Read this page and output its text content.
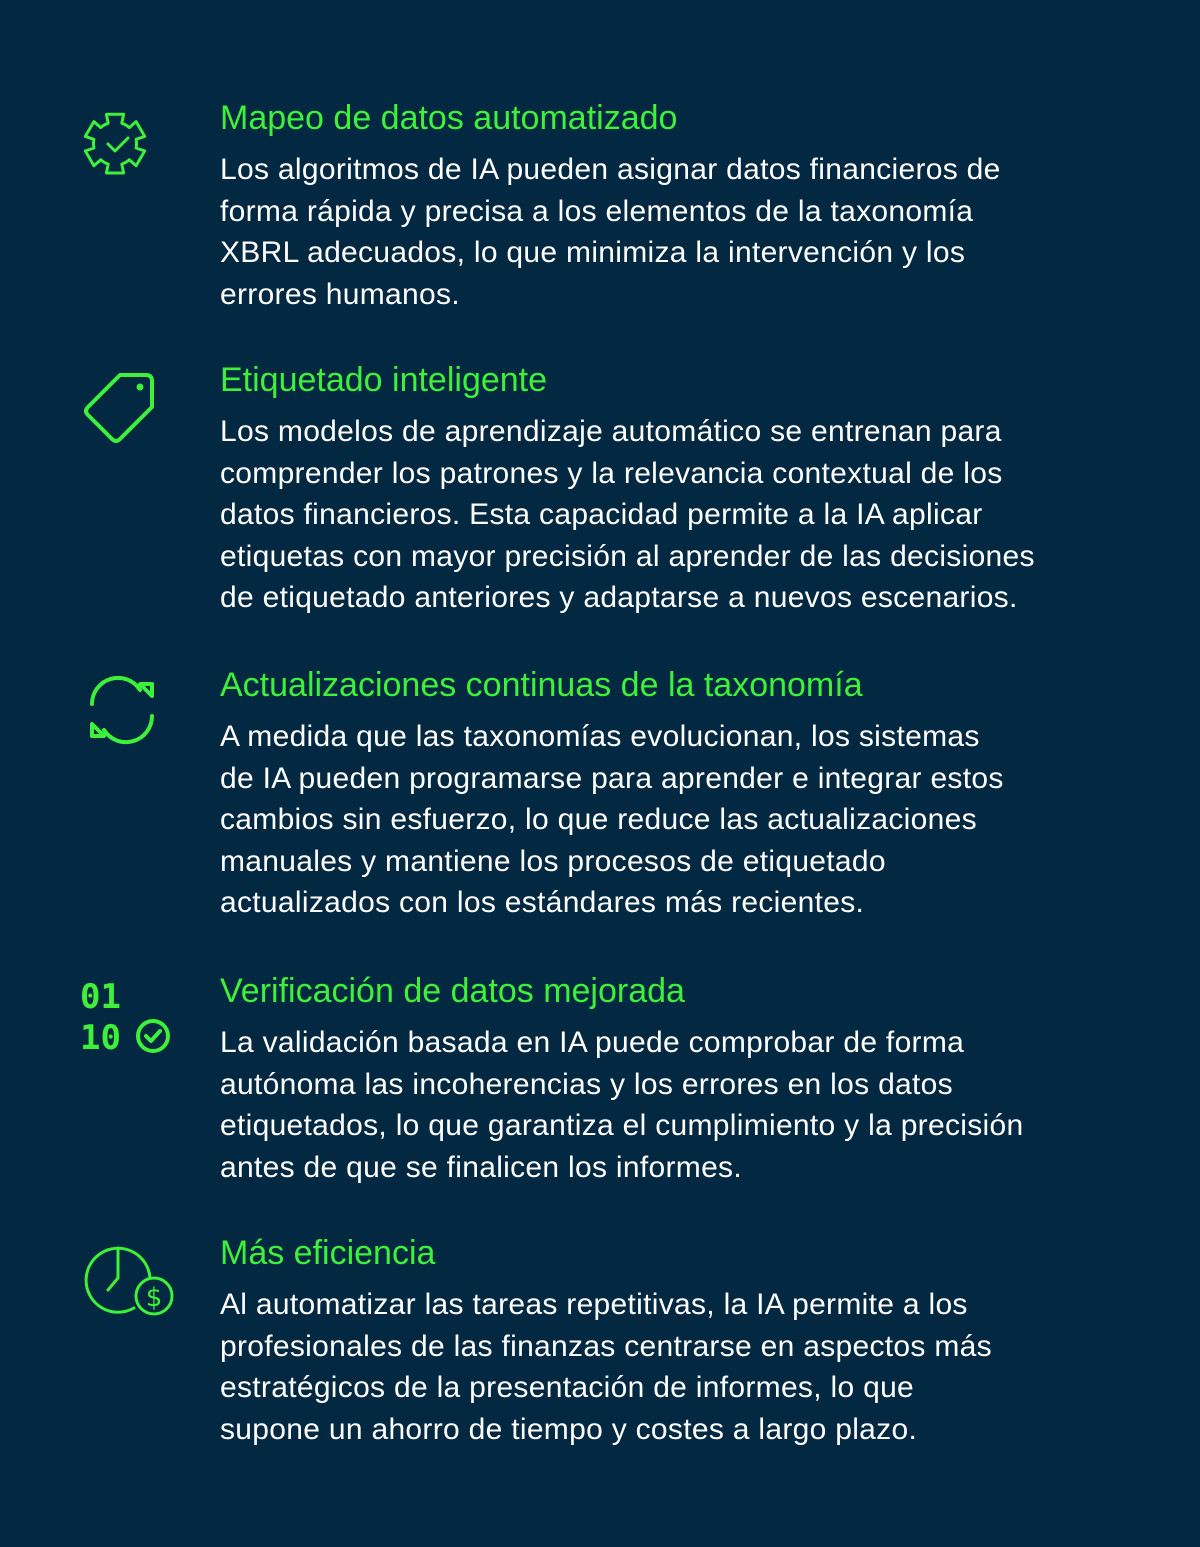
Mapeo de datos automatizado

Los algoritmos de IA pueden asignar datos financieros de
forma rápida y precisa a los elementos de la taxonomía
XBRL adecuados, lo que minimiza la intervención y los
errores humanos.

Etiquetado inteligente

Los modelos de aprendizaje automático se entrenan para
comprender los patrones y la relevancia contextual de los
datos financieros. Esta capacidad permite a la IA aplicar
etiquetas con mayor precisión al aprender de las decisiones
de etiquetado anteriores y adaptarse a nuevos escenarios.

Actualizaciones continuas de la taxonomía

A medida que las taxonomías evolucionan, los sistemas
de IA pueden programarse para aprender e integrar estos
cambios sin esfuerzo, lo que reduce las actualizaciones
manuales y mantiene los procesos de etiquetado
actualizados con los estándares más recientes.

01
10
Verificación de datos mejorada

La validación basada en IA puede comprobar de forma
autónoma las incoherencias y los errores en los datos
etiquetados, lo que garantiza el cumplimiento y la precisión
antes de que se finalicen los informes.

$
Más eficiencia

Al automatizar las tareas repetitivas, la IA permite a los
profesionales de las finanzas centrarse en aspectos más
estratégicos de la presentación de informes, lo que
supone un ahorro de tiempo y costes a largo plazo.
